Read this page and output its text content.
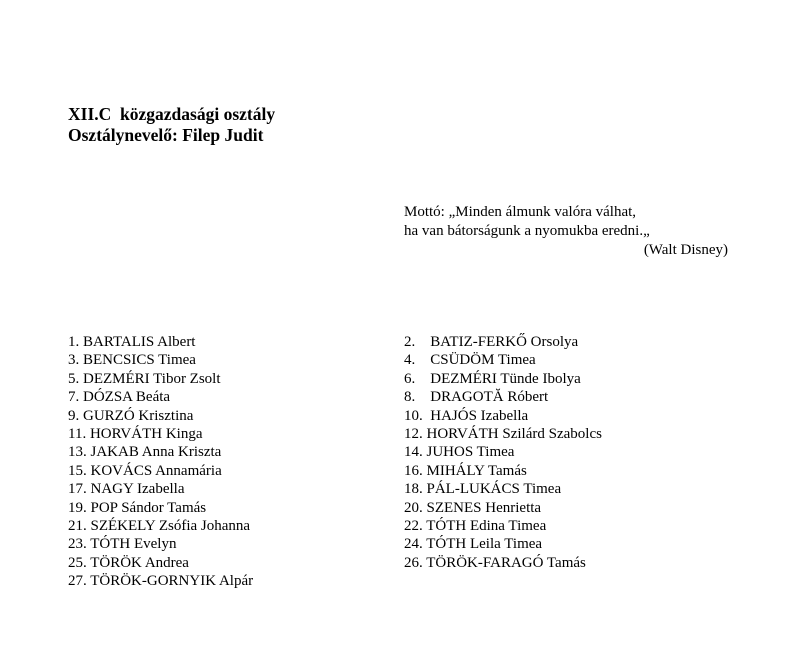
XII.C  közgazdasági osztály
Osztálynevelő: Filep Judit
Mottó: „Minden álmunk valóra válhat,
ha van bátorságunk a nyomukba eredni.„
(Walt Disney)
1. BARTALIS Albert
3. BENCSICS Timea
5. DEZMÉRI Tibor Zsolt
7. DÓZSA Beáta
9. GURZÓ Krisztina
11. HORVÁTH Kinga
13. JAKAB Anna Kriszta
15. KOVÁCS Annamária
17. NAGY Izabella
19. POP Sándor Tamás
21. SZÉKELY Zsófia Johanna
23. TÓTH Evelyn
25. TÖRÖK Andrea
27. TÖRÖK-GORNYIK Alpár
2.    BATIZ-FERKŐ Orsolya
4.    CSÜDÖM Timea
6.    DEZMÉRI Tünde Ibolya
8.    DRAGOTĂ Róbert
10.  HAJÓS Izabella
12. HORVÁTH Szilárd Szabolcs
14. JUHOS Timea
16. MIHÁLY Tamás
18. PÁL-LUKÁCS Timea
20. SZENES Henrietta
22. TÓTH Edina Timea
24. TÓTH Leila Timea
26. TÖRÖK-FARAGÓ Tamás
